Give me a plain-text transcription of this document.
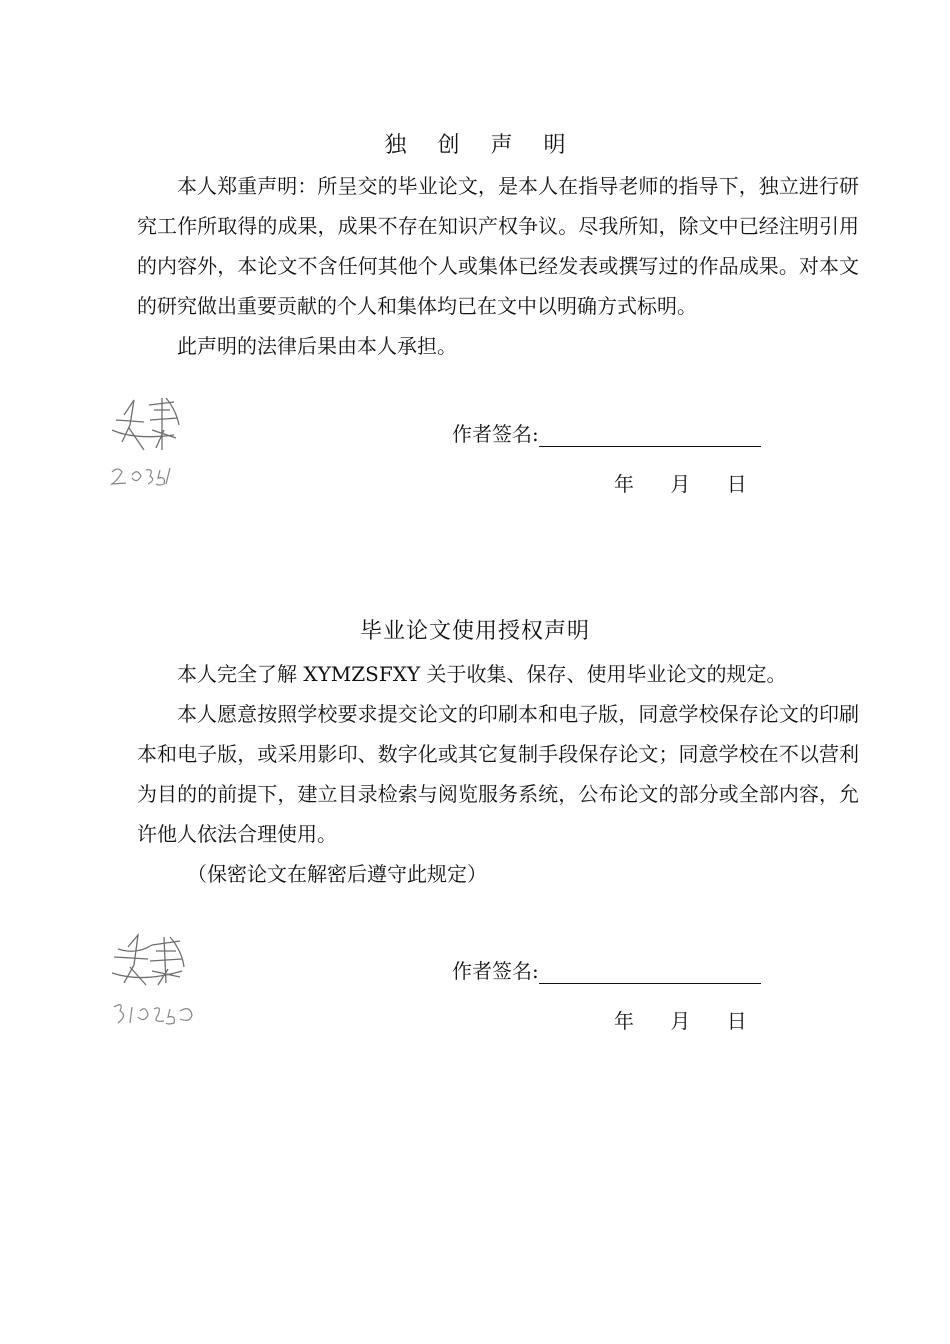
独 创 声 明

本人郑重声明：所呈交的毕业论文，是本人在指导老师的指导下，独立进行研究工作所取得的成果，成果不存在知识产权争议。尽我所知，除文中已经注明引用的内容外，本论文不含任何其他个人或集体已经发表或撰写过的作品成果。对本文的研究做出重要贡献的个人和集体均已在文中以明确方式标明。

此声明的法律后果由本人承担。

作者签名:
年 月 日
毕业论文使用授权声明

本人完全了解 XYMZSFXY 关于收集、保存、使用毕业论文的规定。

本人愿意按照学校要求提交论文的印刷本和电子版，同意学校保存论文的印刷本和电子版，或采用影印、数字化或其它复制手段保存论文；同意学校在不以营利为目的的前提下，建立目录检索与阅览服务系统，公布论文的部分或全部内容，允许他人依法合理使用。

（保密论文在解密后遵守此规定）

作者签名:
年 月 日
